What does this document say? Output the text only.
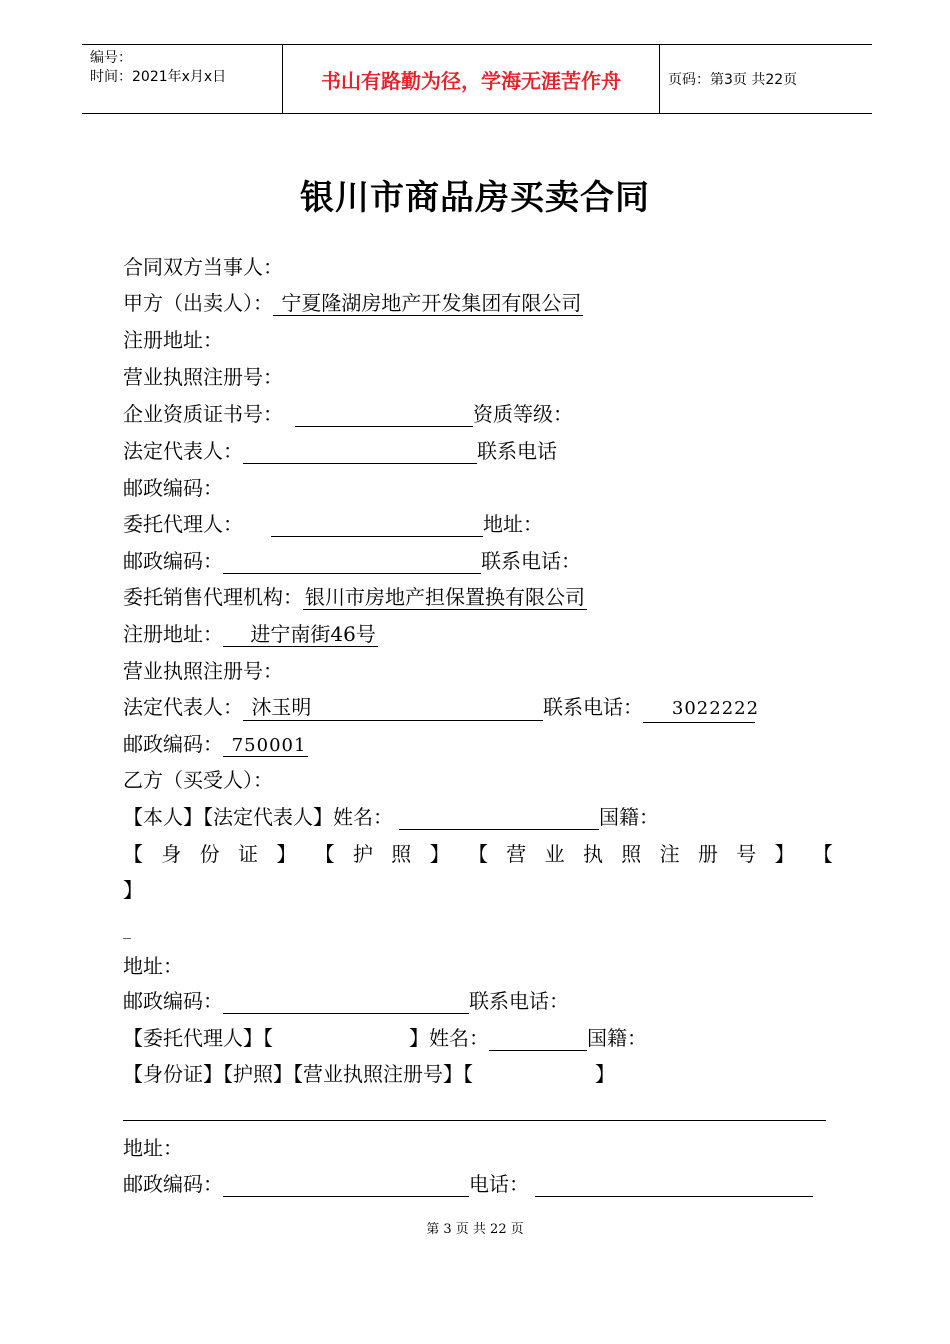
编号：
时间：2021年x月x日	书山有路勤为径，学海无涯苦作舟	页码：第3页 共22页
银川市商品房买卖合同
合同双方当事人：
甲方（出卖人）： 宁夏隆湖房地产开发集团有限公司
注册地址：
营业执照注册号：
企业资质证书号：	资质等级：
法定代表人：	联系电话
邮政编码：
委托代理人：	地址：
邮政编码：	联系电话：
委托销售代理机构： 银川市房地产担保置换有限公司
注册地址：    进宁南街46号
营业执照注册号：
法定代表人： 沐玉明	联系电话：    3022222
邮政编码： 750001
乙方（买受人）：
【本人】【法定代表人】姓名：	国籍：
【 身 份 证 】 【 护 照 】 【 营 业 执 照 注 册 号 】 【
】
_
地址：
邮政编码：	联系电话：
【委托代理人】【	】姓名：	国籍：
【身份证】【护照】【营业执照注册号】【	】
地址：
邮政编码：	电话：
第 3 页 共 22 页
